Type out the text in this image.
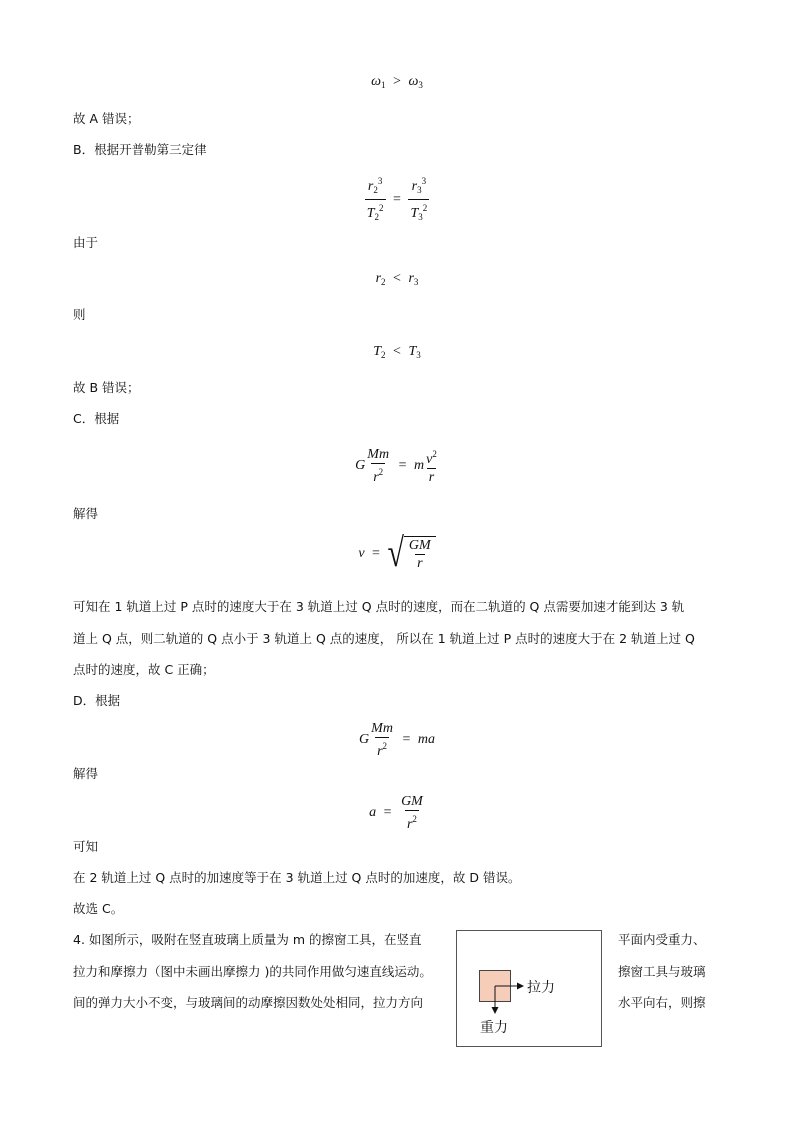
$\omega_1 > \omega_3$
故 A 错误；
B．根据开普勒第三定律
$\frac{r_2^3}{T_2^2} = \frac{r_3^3}{T_3^2}$
由于
$r_2 < r_3$
则
$T_2 < T_3$
故 B 错误；
C．根据
G $\frac{Mm}{r^2} = m \frac{v^2}{r}$
解得
v = √ $\frac{GM}{r}$
可知在 1 轨道上过 P 点时的速度大于在 3 轨道上过 Q 点时的速度，而在二轨道的 Q 点需要加速才能到达 3 轨
道上 Q 点，则二轨道的 Q 点小于 3 轨道上 Q 点的速度， 所以在 1 轨道上过 P 点时的速度大于在 2 轨道上过 Q
点时的速度，故 C 正确；
D．根据
G $\frac{Mm}{r^2}$ = ma
解得
$a = \frac{GM}{r^2}$
可知
在 2 轨道上过 Q 点时的加速度等于在 3 轨道上过 Q 点时的加速度，故 D 错误。
故选 C。
4. 如图所示，吸附在竖直玻璃上质量为 m 的擦窗工具，在竖直	平面内受重力、
拉力和摩擦力（图中未画出摩擦力 )的共同作用做匀速直线运动。	擦窗工具与玻璃
间的弹力大小不变，与玻璃间的动摩擦因数处处相同，拉力方向	水平向右，则擦
拉力
重力
